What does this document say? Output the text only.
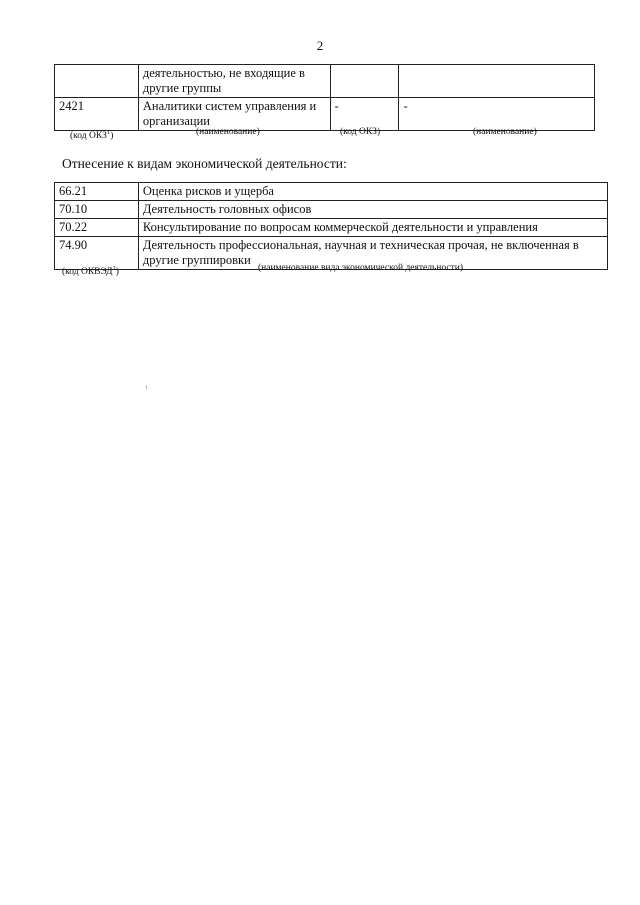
2
	деятельностью, не входящие в другие группы		
2421	Аналитики систем управления и организации	-	-
(код ОКЗ$^1$)	(наименование)	(код ОКЗ)	(наименование)
Отнесение к видам экономической деятельности:
66.21	Оценка рисков и ущерба
70.10	Деятельность головных офисов
70.22	Консультирование по вопросам коммерческой деятельности и управления
74.90	Деятельность профессиональная, научная и техническая прочая, не включенная в другие группировки
(код ОКВЭД$^2$)	(наименование вида экономической деятельности)
